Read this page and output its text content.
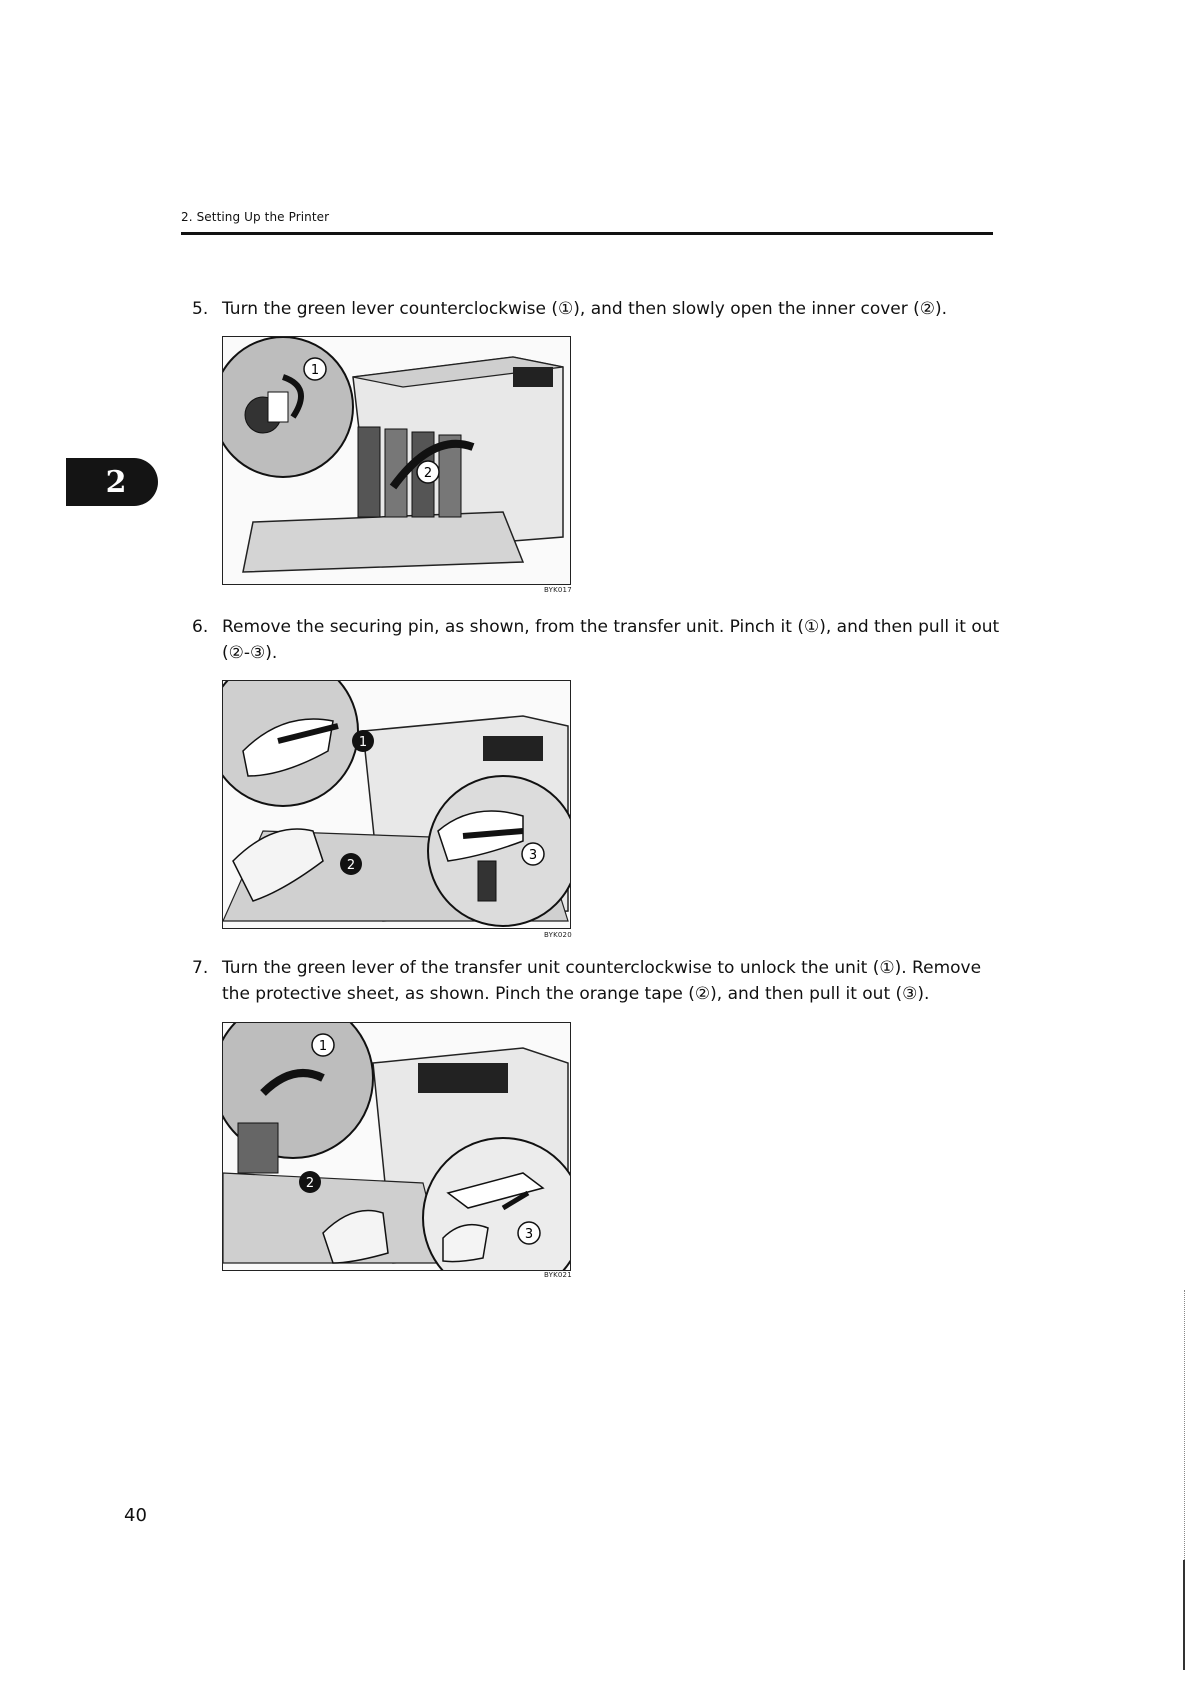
2. Setting Up the Printer
2
5. Turn the green lever counterclockwise (①), and then slowly open the inner cover (②).
1
2
BYK017
6. Remove the securing pin, as shown, from the transfer unit. Pinch it (①), and then pull it out (②-③).
1
2
3
BYK020
7. Turn the green lever of the transfer unit counterclockwise to unlock the unit (①). Remove the protective sheet, as shown. Pinch the orange tape (②), and then pull it out (③).
1
2
3
BYK021
40
